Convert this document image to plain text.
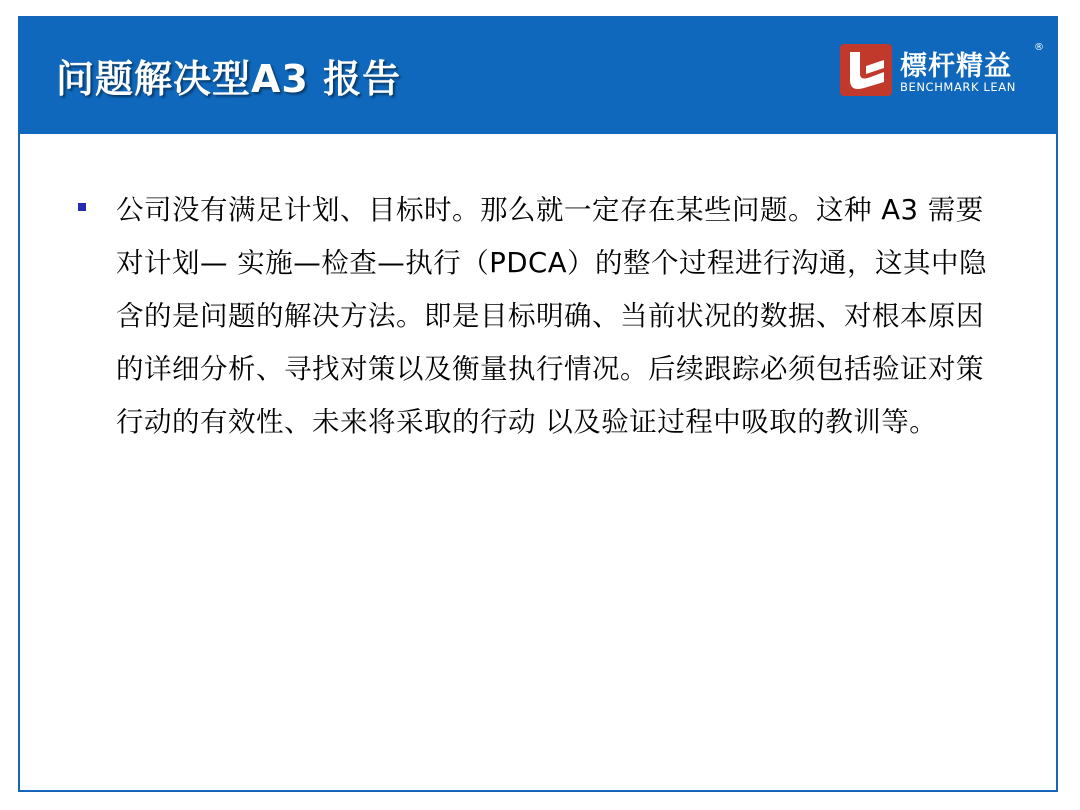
问题解决型A3 报告	標杆精益
®
BENCHMARK LEAN
公司没有满足计划、目标时。那么就一定存在某些问题。这种 A3 需要对计划— 实施—检查—执行（PDCA）的整个过程进行沟通，这其中隐含的是问题的解决方法。即是目标明确、当前状况的数据、对根本原因的详细分析、寻找对策以及衡量执行情况。后续跟踪必须包括验证对策行动的有效性、未来将采取的行动 以及验证过程中吸取的教训等。
